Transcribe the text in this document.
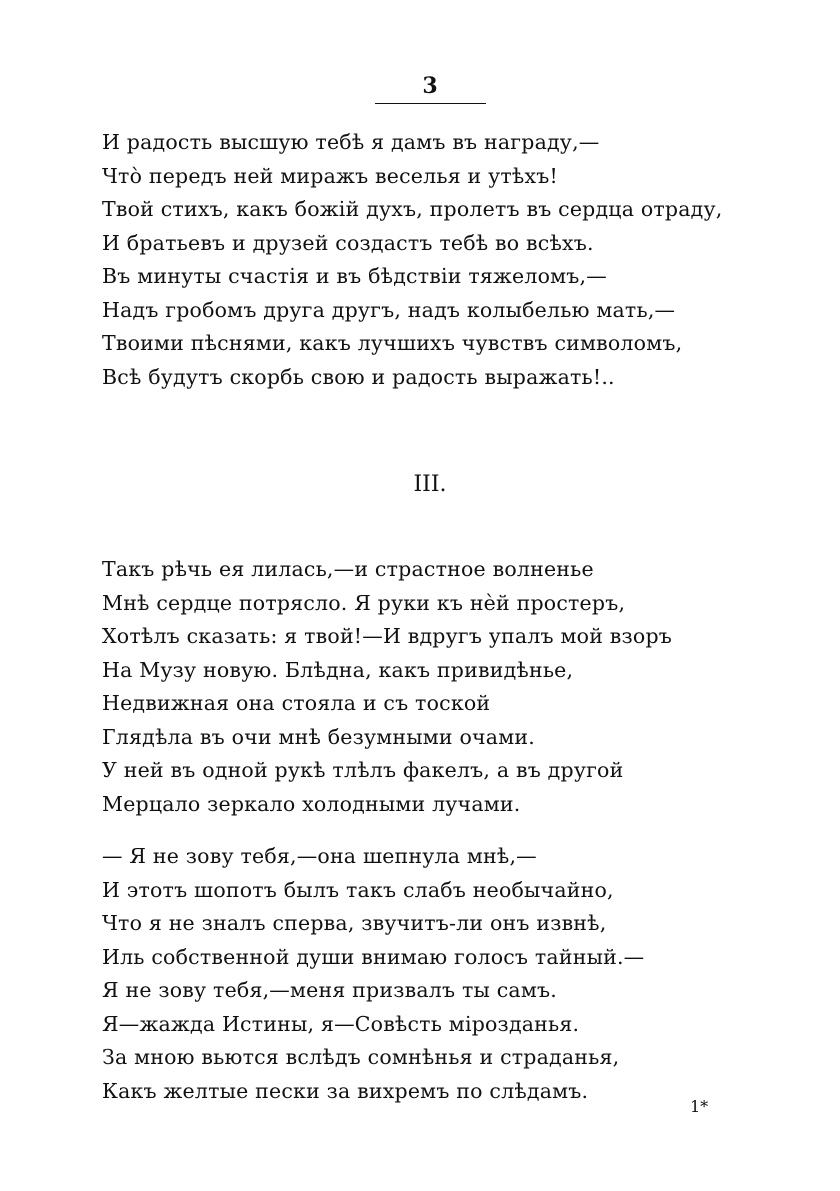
3
И радость высшую тебѣ я дамъ въ награду,—
Что̀ передъ ней миражъ веселья и утѣхъ!
Твой стихъ, какъ божій духъ, пролетъ въ сердца отраду,
И братьевъ и друзей создастъ тебѣ во всѣхъ.
Въ минуты счастія и въ бѣдствіи тяжеломъ,—
Надъ гробомъ друга другъ, надъ колыбелью мать,—
Твоими пѣснями, какъ лучшихъ чувствъ символомъ,
Всѣ будутъ скорбь свою и радость выражать!..
III.
Такъ рѣчь ея лилась,—и страстное волненье
Мнѣ сердце потрясло. Я руки къ нѐй простеръ,
Хотѣлъ сказать: я твой!—И вдругъ упалъ мой взоръ
На Музу новую. Блѣдна, какъ привидѣнье,
Недвижная она стояла и съ тоской
Глядѣла въ очи мнѣ безумными очами.
У ней въ одной рукѣ тлѣлъ факелъ, а въ другой
Мерцало зеркало холодными лучами.
— Я не зову тебя,—она шепнула мнѣ,—
И этотъ шопотъ былъ такъ слабъ необычайно,
Что я не зналъ сперва, звучитъ-ли онъ извнѣ,
Иль собственной души внимаю голосъ тайный.—
Я не зову тебя,—меня призвалъ ты самъ.
Я—жажда Истины, я—Совѣсть мірозданья.
За мною вьются вслѣдъ сомнѣнья и страданья,
Какъ желтые пески за вихремъ по слѣдамъ.
1*
